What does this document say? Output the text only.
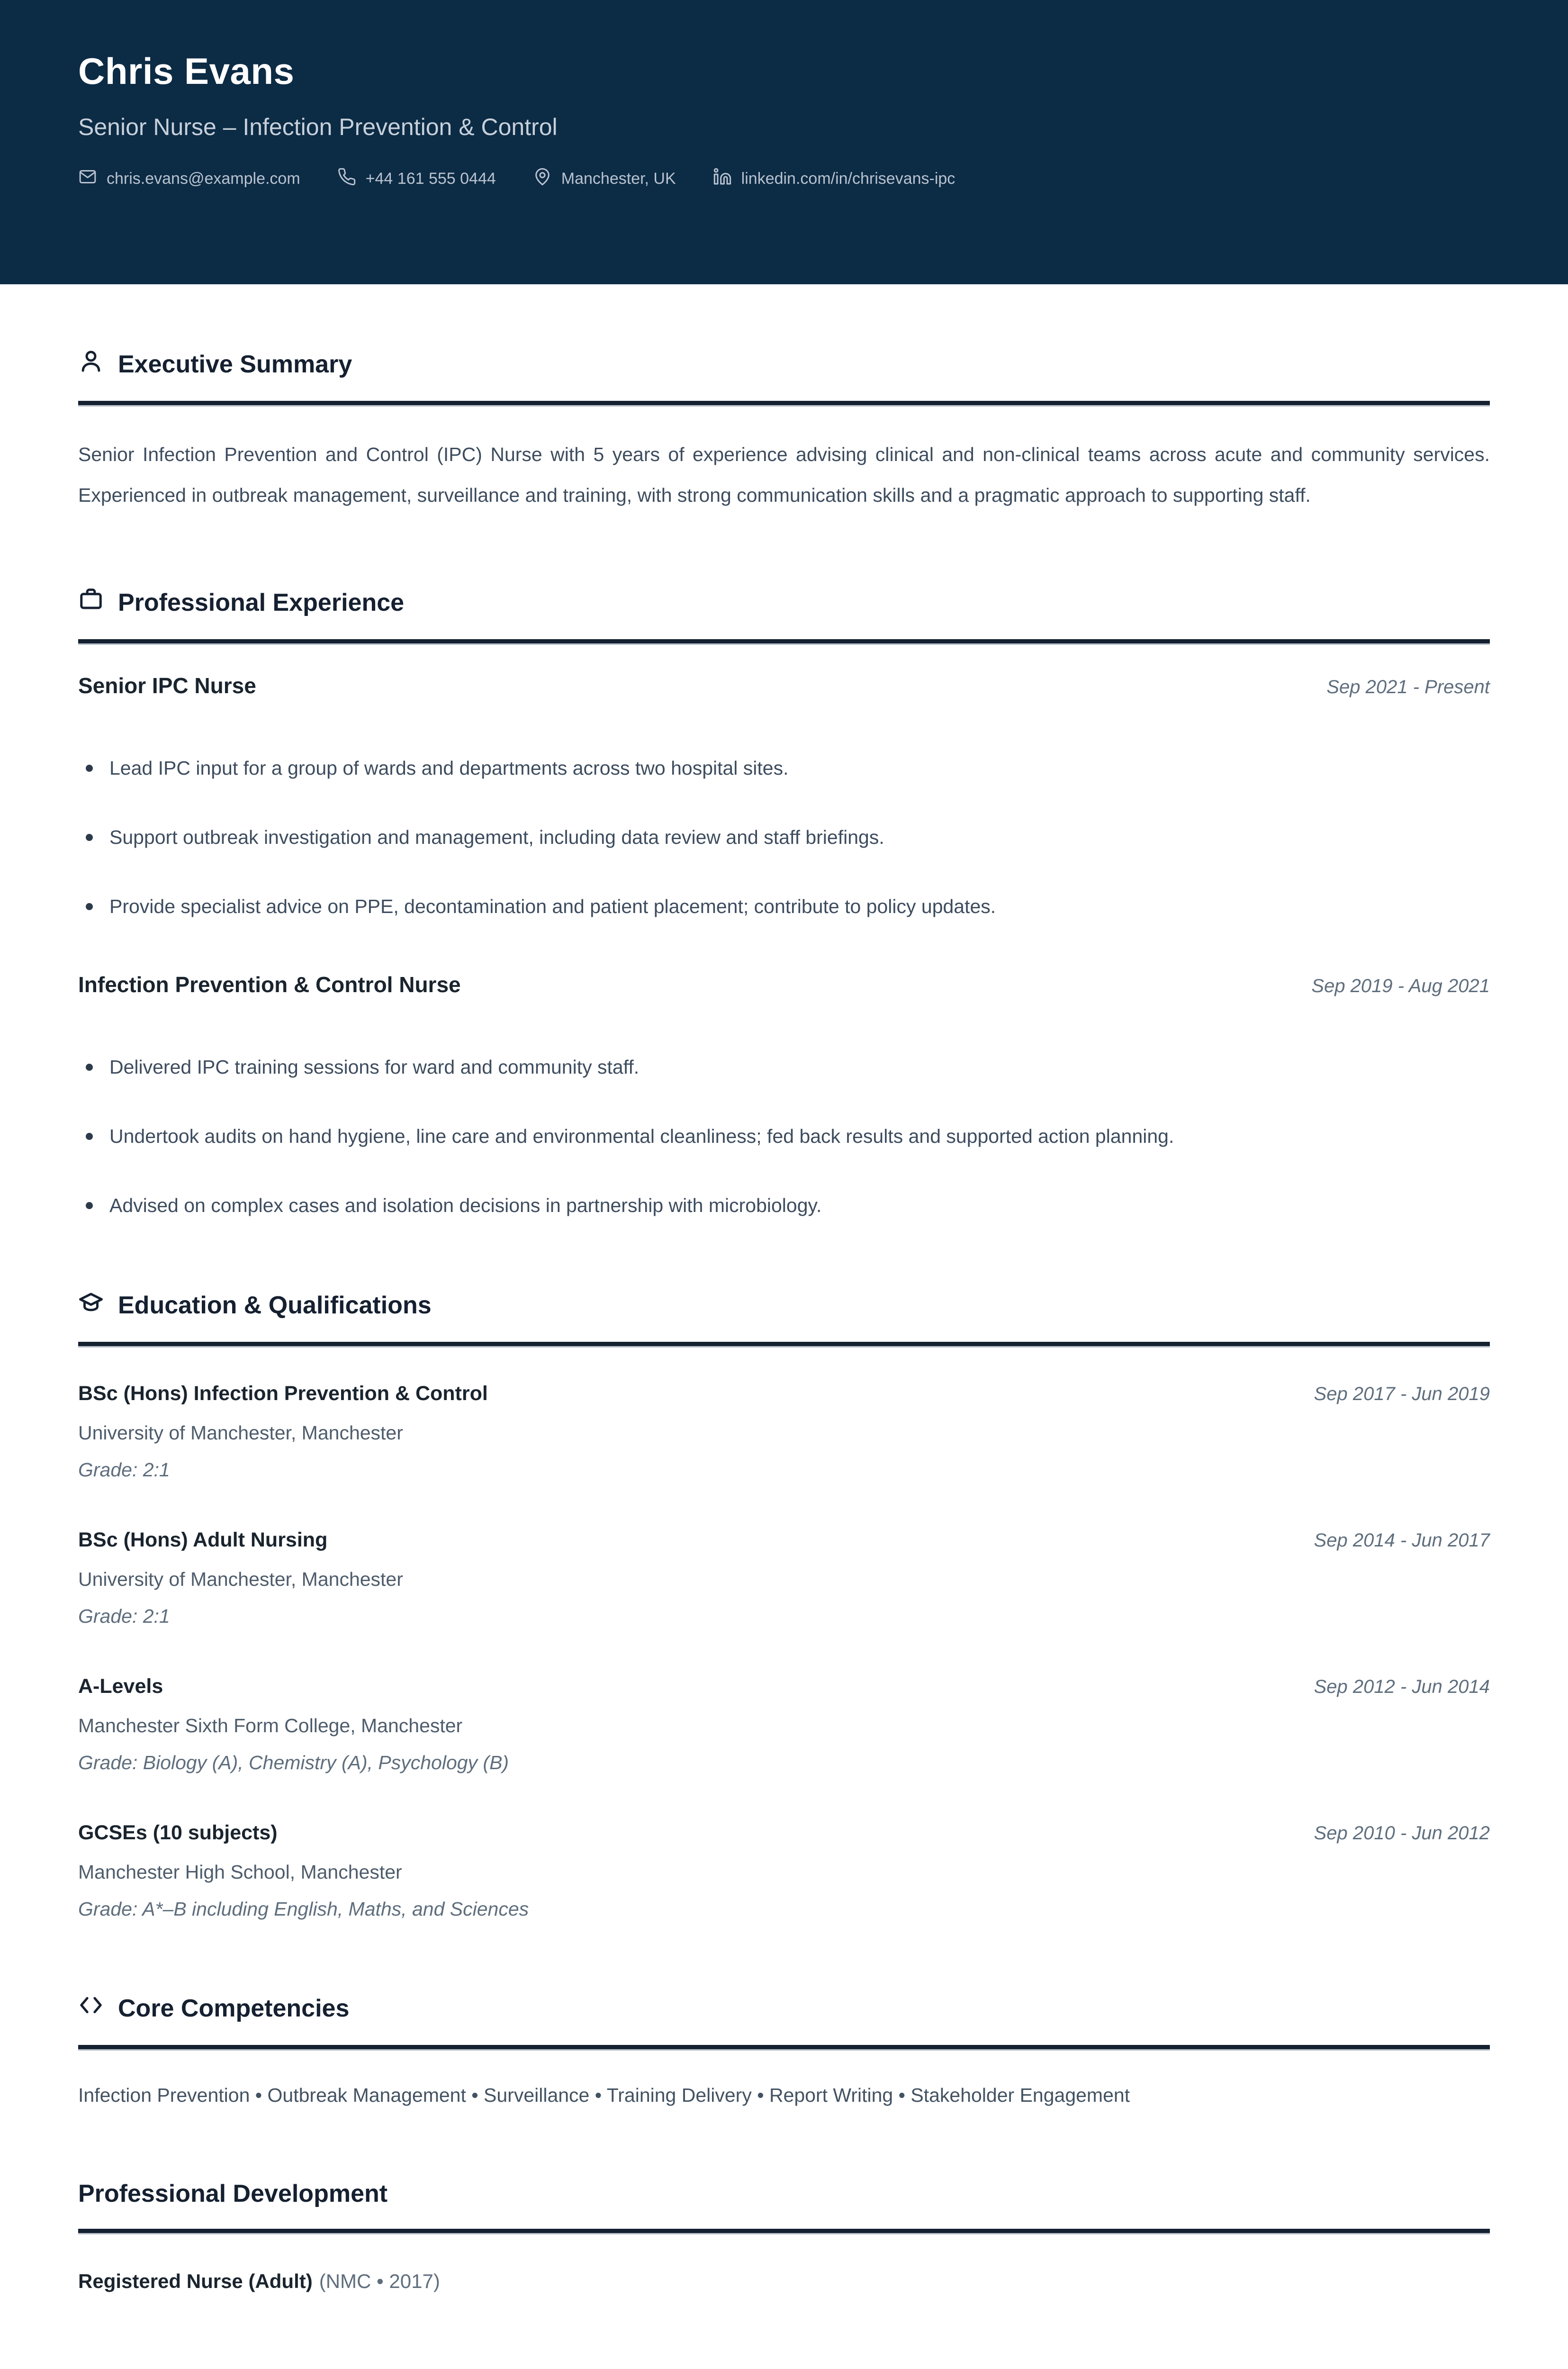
Chris Evans
Senior Nurse – Infection Prevention & Control
chris.evans@example.com	+44 161 555 0444	Manchester, UK	linkedin.com/in/chrisevans-ipc
Executive Summary

Senior Infection Prevention and Control (IPC) Nurse with 5 years of experience advising clinical and non-clinical teams across acute and community services. Experienced in outbreak management, surveillance and training, with strong communication skills and a pragmatic approach to supporting staff.

Professional Experience
Senior IPC Nurse	Sep 2021 - Present
Lead IPC input for a group of wards and departments across two hospital sites.
Support outbreak investigation and management, including data review and staff briefings.
Provide specialist advice on PPE, decontamination and patient placement; contribute to policy updates.
Infection Prevention & Control Nurse	Sep 2019 - Aug 2021
Delivered IPC training sessions for ward and community staff.
Undertook audits on hand hygiene, line care and environmental cleanliness; fed back results and supported action planning.
Advised on complex cases and isolation decisions in partnership with microbiology.
Education & Qualifications
BSc (Hons) Infection Prevention & Control	Sep 2017 - Jun 2019
University of Manchester, Manchester
Grade: 2:1
BSc (Hons) Adult Nursing	Sep 2014 - Jun 2017
University of Manchester, Manchester
Grade: 2:1
A-Levels	Sep 2012 - Jun 2014
Manchester Sixth Form College, Manchester
Grade: Biology (A), Chemistry (A), Psychology (B)
GCSEs (10 subjects)	Sep 2010 - Jun 2012
Manchester High School, Manchester
Grade: A*–B including English, Maths, and Sciences
Core Competencies
Infection Prevention • Outbreak Management • Surveillance • Training Delivery • Report Writing • Stakeholder Engagement
Professional Development
Registered Nurse (Adult) (NMC • 2017)
